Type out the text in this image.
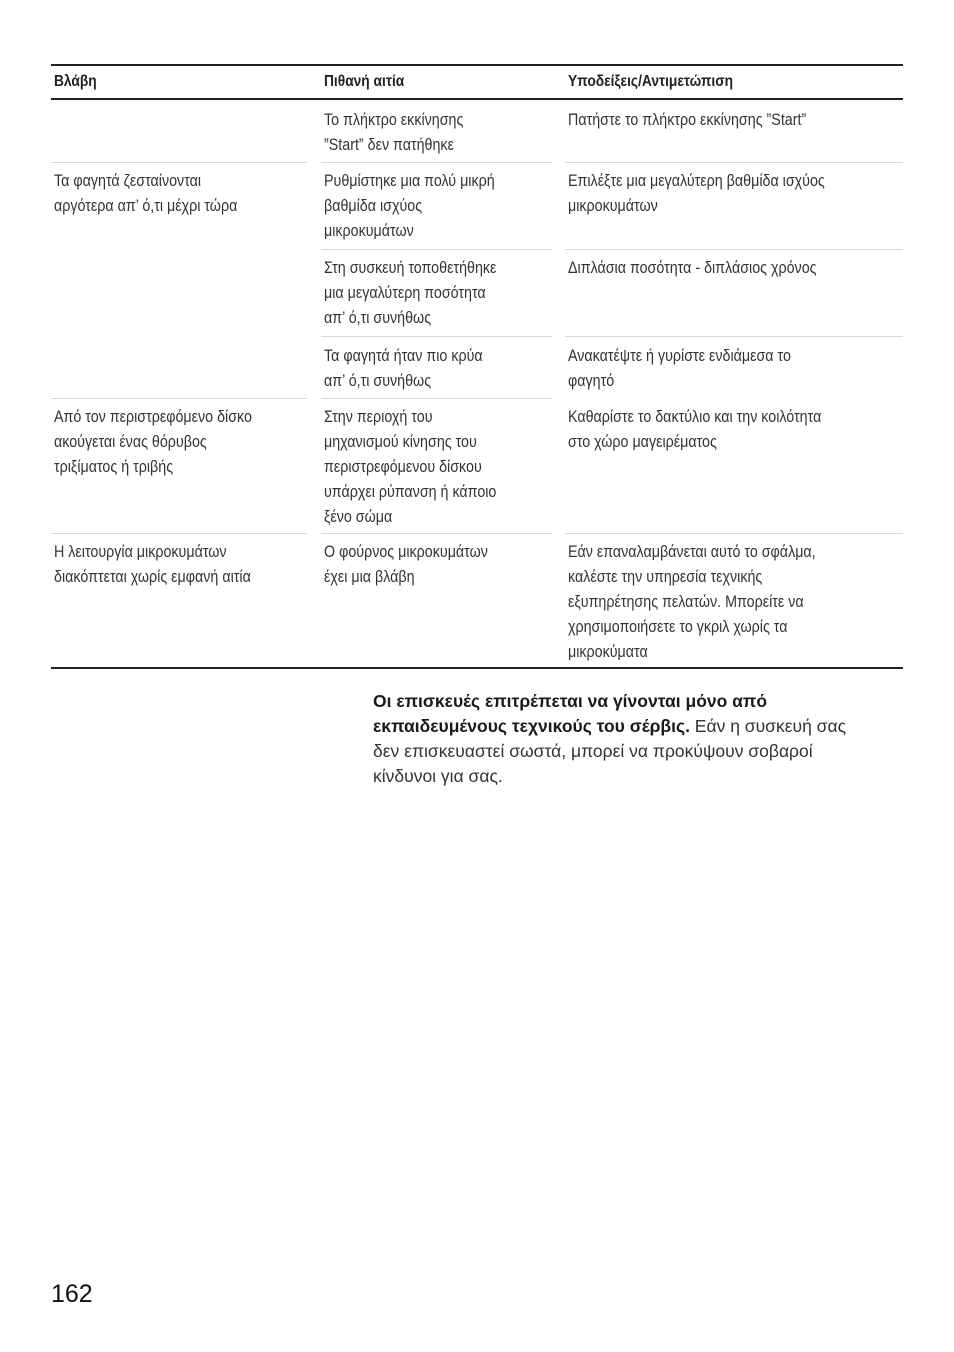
Βλάβη	Πιθανή αιτία	Υποδείξεις/Αντιμετώπιση
Το πλήκτρο εκκίνησης
”Start” δεν πατήθηκε
Πατήστε το πλήκτρο εκκίνησης ”Start”
Τα φαγητά ζεσταίνονται
αργότερα απ’ ό,τι μέχρι τώρα
Ρυθμίστηκε μια πολύ μικρή
βαθμίδα ισχύος
μικροκυμάτων
Επιλέξτε μια μεγαλύτερη βαθμίδα ισχύος
μικροκυμάτων
Στη συσκευή τοποθετήθηκε
μια μεγαλύτερη ποσότητα
απ’ ό,τι συνήθως
Διπλάσια ποσότητα - διπλάσιος χρόνος
Τα φαγητά ήταν πιο κρύα
απ’ ό,τι συνήθως
Ανακατέψτε ή γυρίστε ενδιάμεσα το
φαγητό
Από τον περιστρεφόμενο δίσκο
ακούγεται ένας θόρυβος
τριξίματος ή τριβής
Στην περιοχή του
μηχανισμού κίνησης του
περιστρεφόμενου δίσκου
υπάρχει ρύπανση ή κάποιο
ξένο σώμα
Καθαρίστε το δακτύλιο και την κοιλότητα
στο χώρο μαγειρέματος
Η λειτουργία μικροκυμάτων
διακόπτεται χωρίς εμφανή αιτία
Ο φούρνος μικροκυμάτων
έχει μια βλάβη
Εάν επαναλαμβάνεται αυτό το σφάλμα,
καλέστε την υπηρεσία τεχνικής
εξυπηρέτησης πελατών. Μπορείτε να
χρησιμοποιήσετε το γκριλ χωρίς τα
μικροκύματα
Οι επισκευές επιτρέπεται να γίνονται μόνο από εκπαιδευμένους τεχνικούς του σέρβις. Εάν η συσκευή σας δεν επισκευαστεί σωστά, μπορεί να προκύψουν σοβαροί κίνδυνοι για σας.
162
